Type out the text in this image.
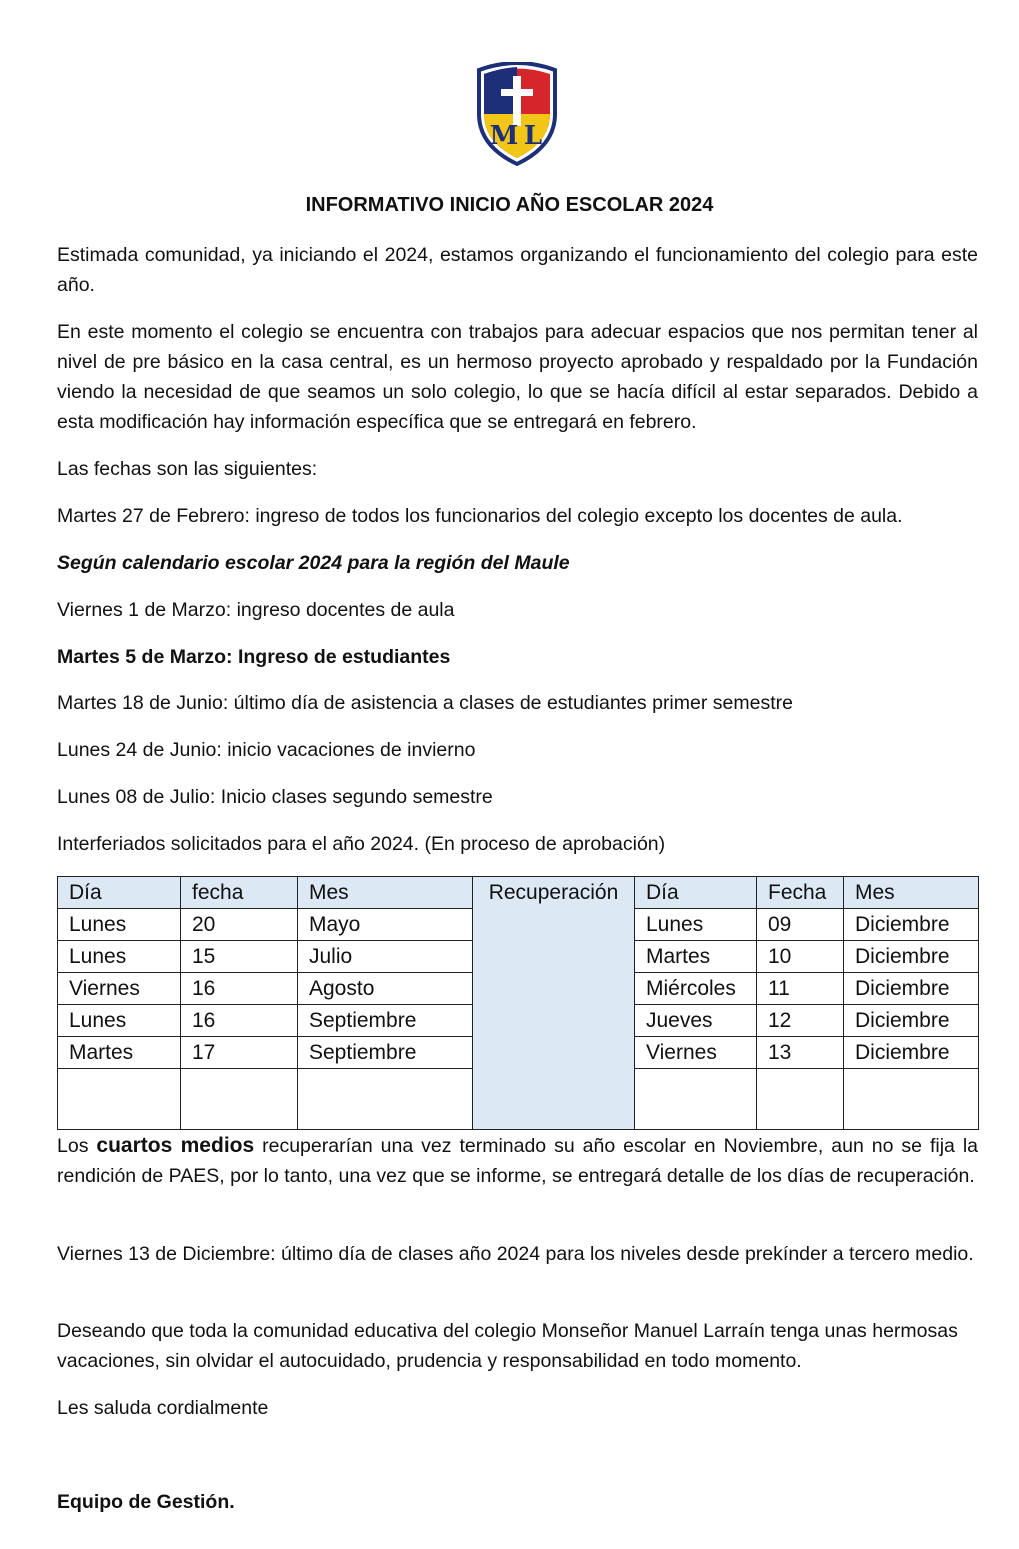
M L
INFORMATIVO INICIO AÑO ESCOLAR 2024

Estimada comunidad, ya iniciando el 2024, estamos organizando el funcionamiento del colegio para este año.

En este momento el colegio se encuentra con trabajos para adecuar espacios que nos permitan tener al nivel de pre básico en la casa central, es un hermoso proyecto aprobado y respaldado por la Fundación viendo la necesidad de que seamos un solo colegio, lo que se hacía difícil al estar separados. Debido a esta modificación hay información específica que se entregará en febrero.

Las fechas son las siguientes:

Martes 27 de Febrero: ingreso de todos los funcionarios del colegio excepto los docentes de aula.

Según calendario escolar 2024 para la región del Maule

Viernes 1 de Marzo: ingreso docentes de aula

Martes 5 de Marzo: Ingreso de estudiantes

Martes 18 de Junio: último día de asistencia a clases de estudiantes primer semestre

Lunes 24 de Junio: inicio vacaciones de invierno

Lunes 08 de Julio: Inicio clases segundo semestre

Interferiados solicitados para el año 2024. (En proceso de aprobación)

Día	fecha	Mes	Recuperación	Día	Fecha	Mes
Lunes	20	Mayo		Lunes	09	Diciembre
Lunes	15	Julio		Martes	10	Diciembre
Viernes	16	Agosto		Miércoles	11	Diciembre
Lunes	16	Septiembre		Jueves	12	Diciembre
Martes	17	Septiembre		Viernes	13	Diciembre

Los cuartos medios recuperarían una vez terminado su año escolar en Noviembre, aun no se fija la rendición de PAES, por lo tanto, una vez que se informe, se entregará detalle de los días de recuperación.

Viernes 13 de Diciembre: último día de clases año 2024 para los niveles desde prekínder a tercero medio.

Deseando que toda la comunidad educativa del colegio Monseñor Manuel Larraín tenga unas hermosas vacaciones, sin olvidar el autocuidado, prudencia y responsabilidad en todo momento.

Les saluda cordialmente

Equipo de Gestión.
